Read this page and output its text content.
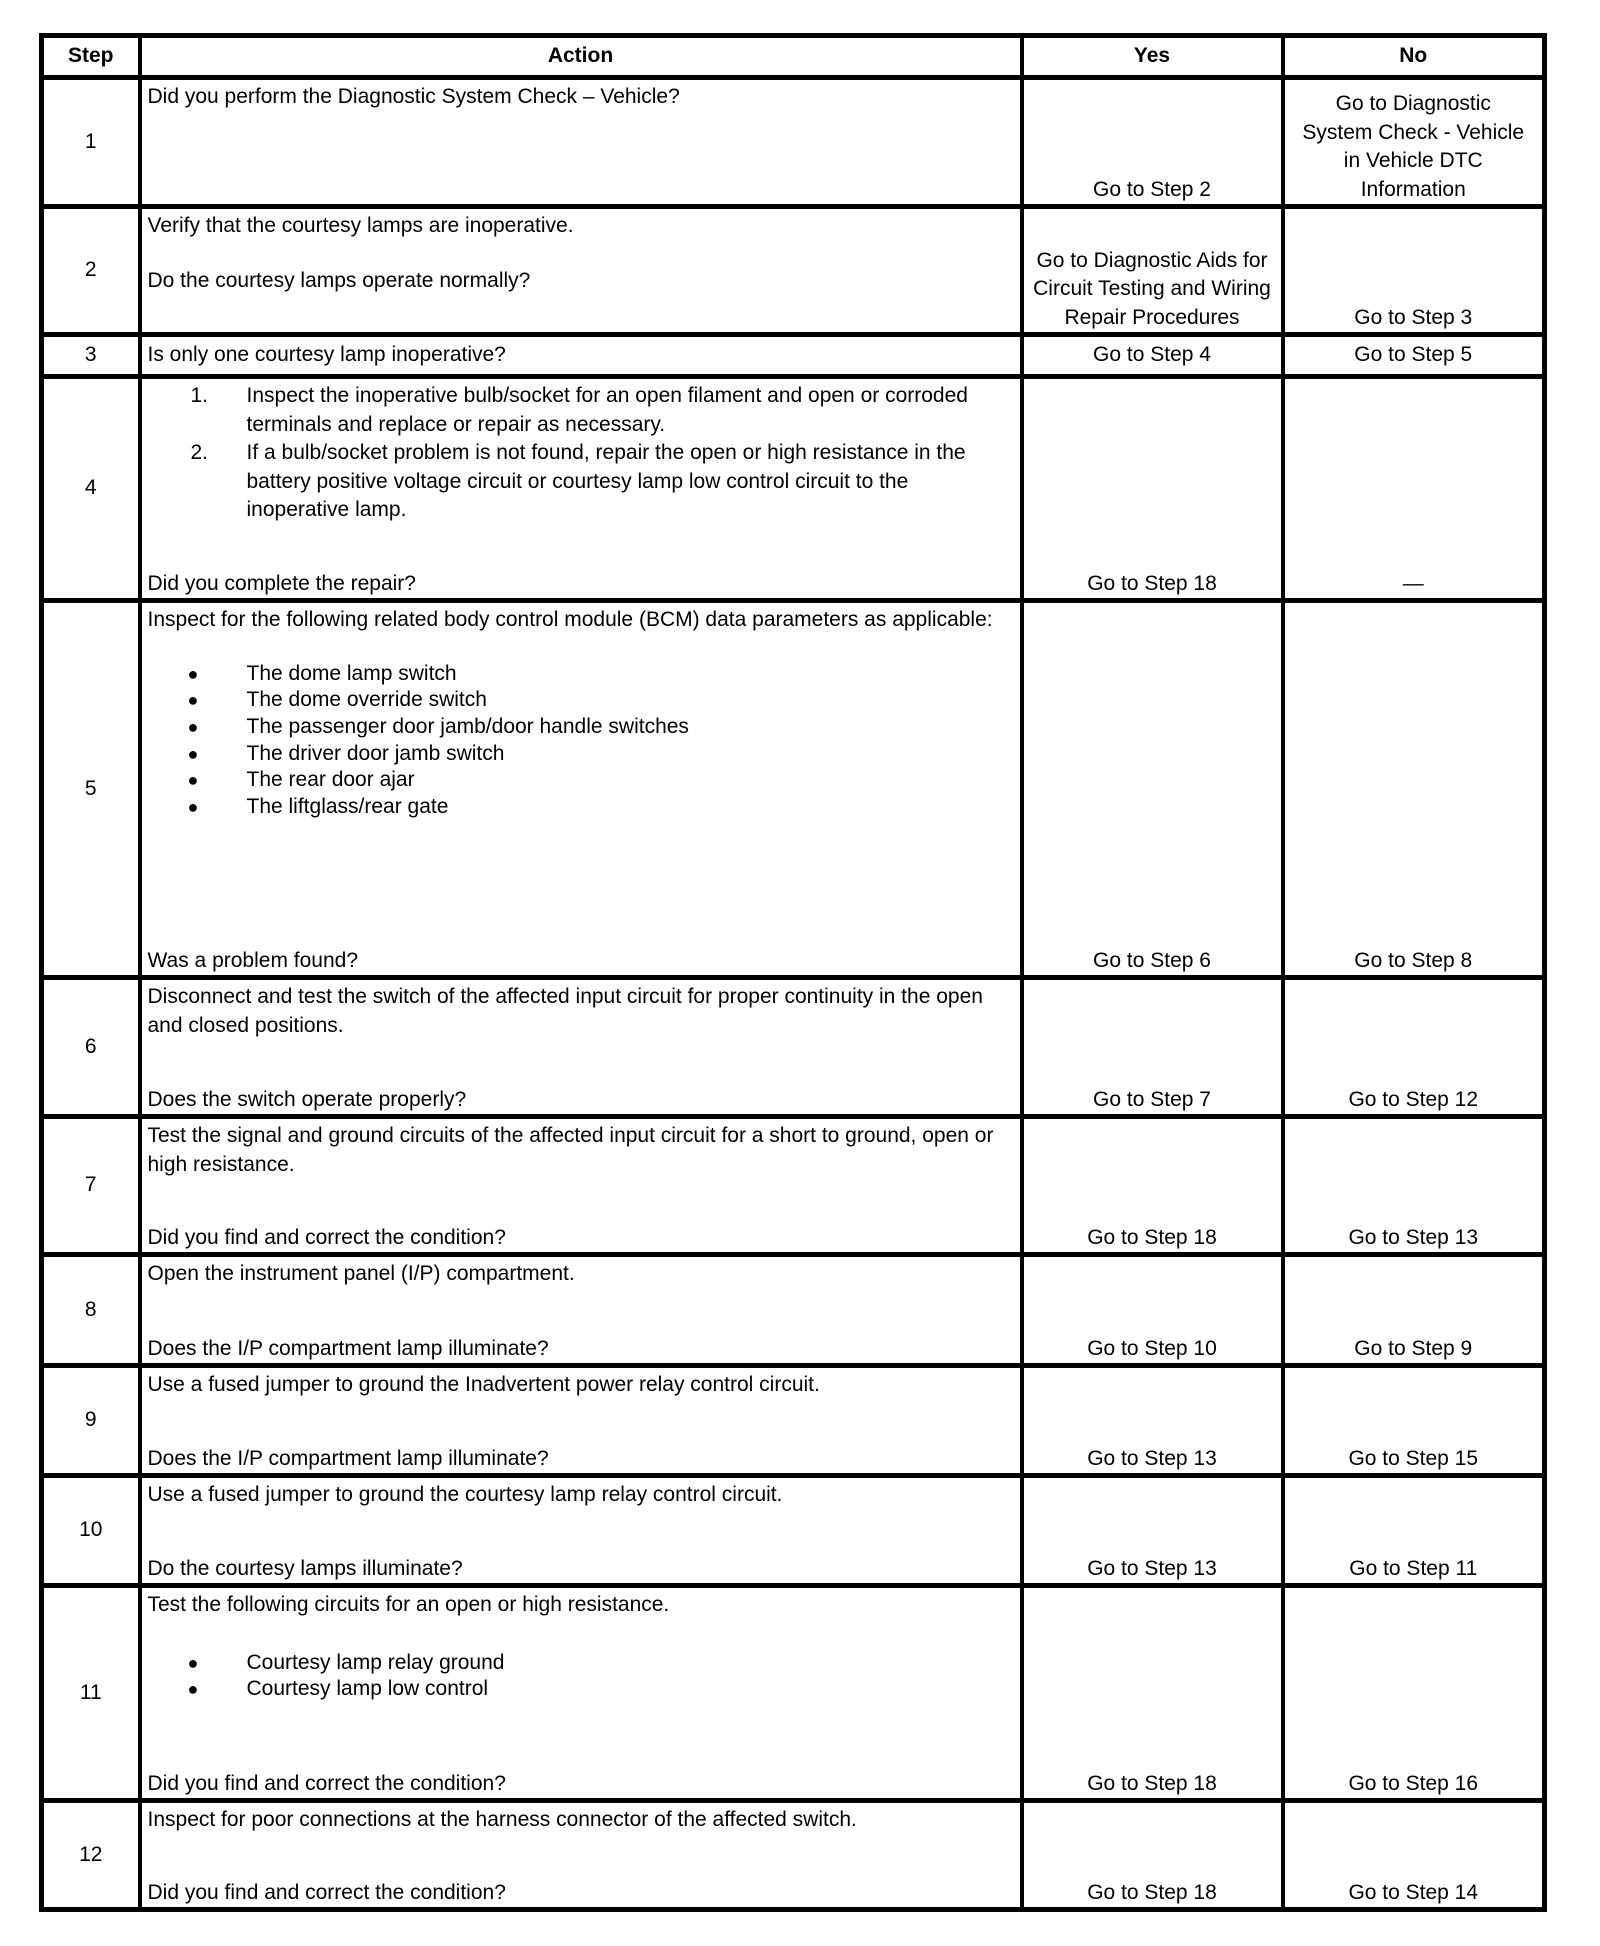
Step	Action	Yes	No
1	Did you perform the Diagnostic System Check – Vehicle?	Go to Step 2	Go to Diagnostic System Check - Vehicle in Vehicle DTC Information

2	Verify that the courtesy lamps are inoperative.
Do the courtesy lamps operate normally?	Go to Diagnostic Aids for Circuit Testing and Wiring Repair Procedures	Go to Step 3

3	Is only one courtesy lamp inoperative?	Go to Step 4	Go to Step 5

4	
1.	Inspect the inoperative bulb/socket for an open filament and open or corroded terminals and replace or repair as necessary.
2.	If a bulb/socket problem is not found, repair the open or high resistance in the battery positive voltage circuit or courtesy lamp low control circuit to the inoperative lamp.
Did you complete the repair?	Go to Step 18	—

5	
Inspect for the following related body control module (BCM) data parameters as applicable:
●	The dome lamp switch
●	The dome override switch
●	The passenger door jamb/door handle switches
●	The driver door jamb switch
●	The rear door ajar
●	The liftglass/rear gate
Was a problem found?	Go to Step 6	Go to Step 8

6	Disconnect and test the switch of the affected input circuit for proper continuity in the open and closed positions.
Does the switch operate properly?	Go to Step 7	Go to Step 12

7	Test the signal and ground circuits of the affected input circuit for a short to ground, open or high resistance.
Did you find and correct the condition?	Go to Step 18	Go to Step 13

8	Open the instrument panel (I/P) compartment.
Does the I/P compartment lamp illuminate?	Go to Step 10	Go to Step 9

9	Use a fused jumper to ground the Inadvertent power relay control circuit.
Does the I/P compartment lamp illuminate?	Go to Step 13	Go to Step 15

10	Use a fused jumper to ground the courtesy lamp relay control circuit.
Do the courtesy lamps illuminate?	Go to Step 13	Go to Step 11

11	
Test the following circuits for an open or high resistance.
●	Courtesy lamp relay ground
●	Courtesy lamp low control
Did you find and correct the condition?	Go to Step 18	Go to Step 16

12	Inspect for poor connections at the harness connector of the affected switch.
Did you find and correct the condition?	Go to Step 18	Go to Step 14
